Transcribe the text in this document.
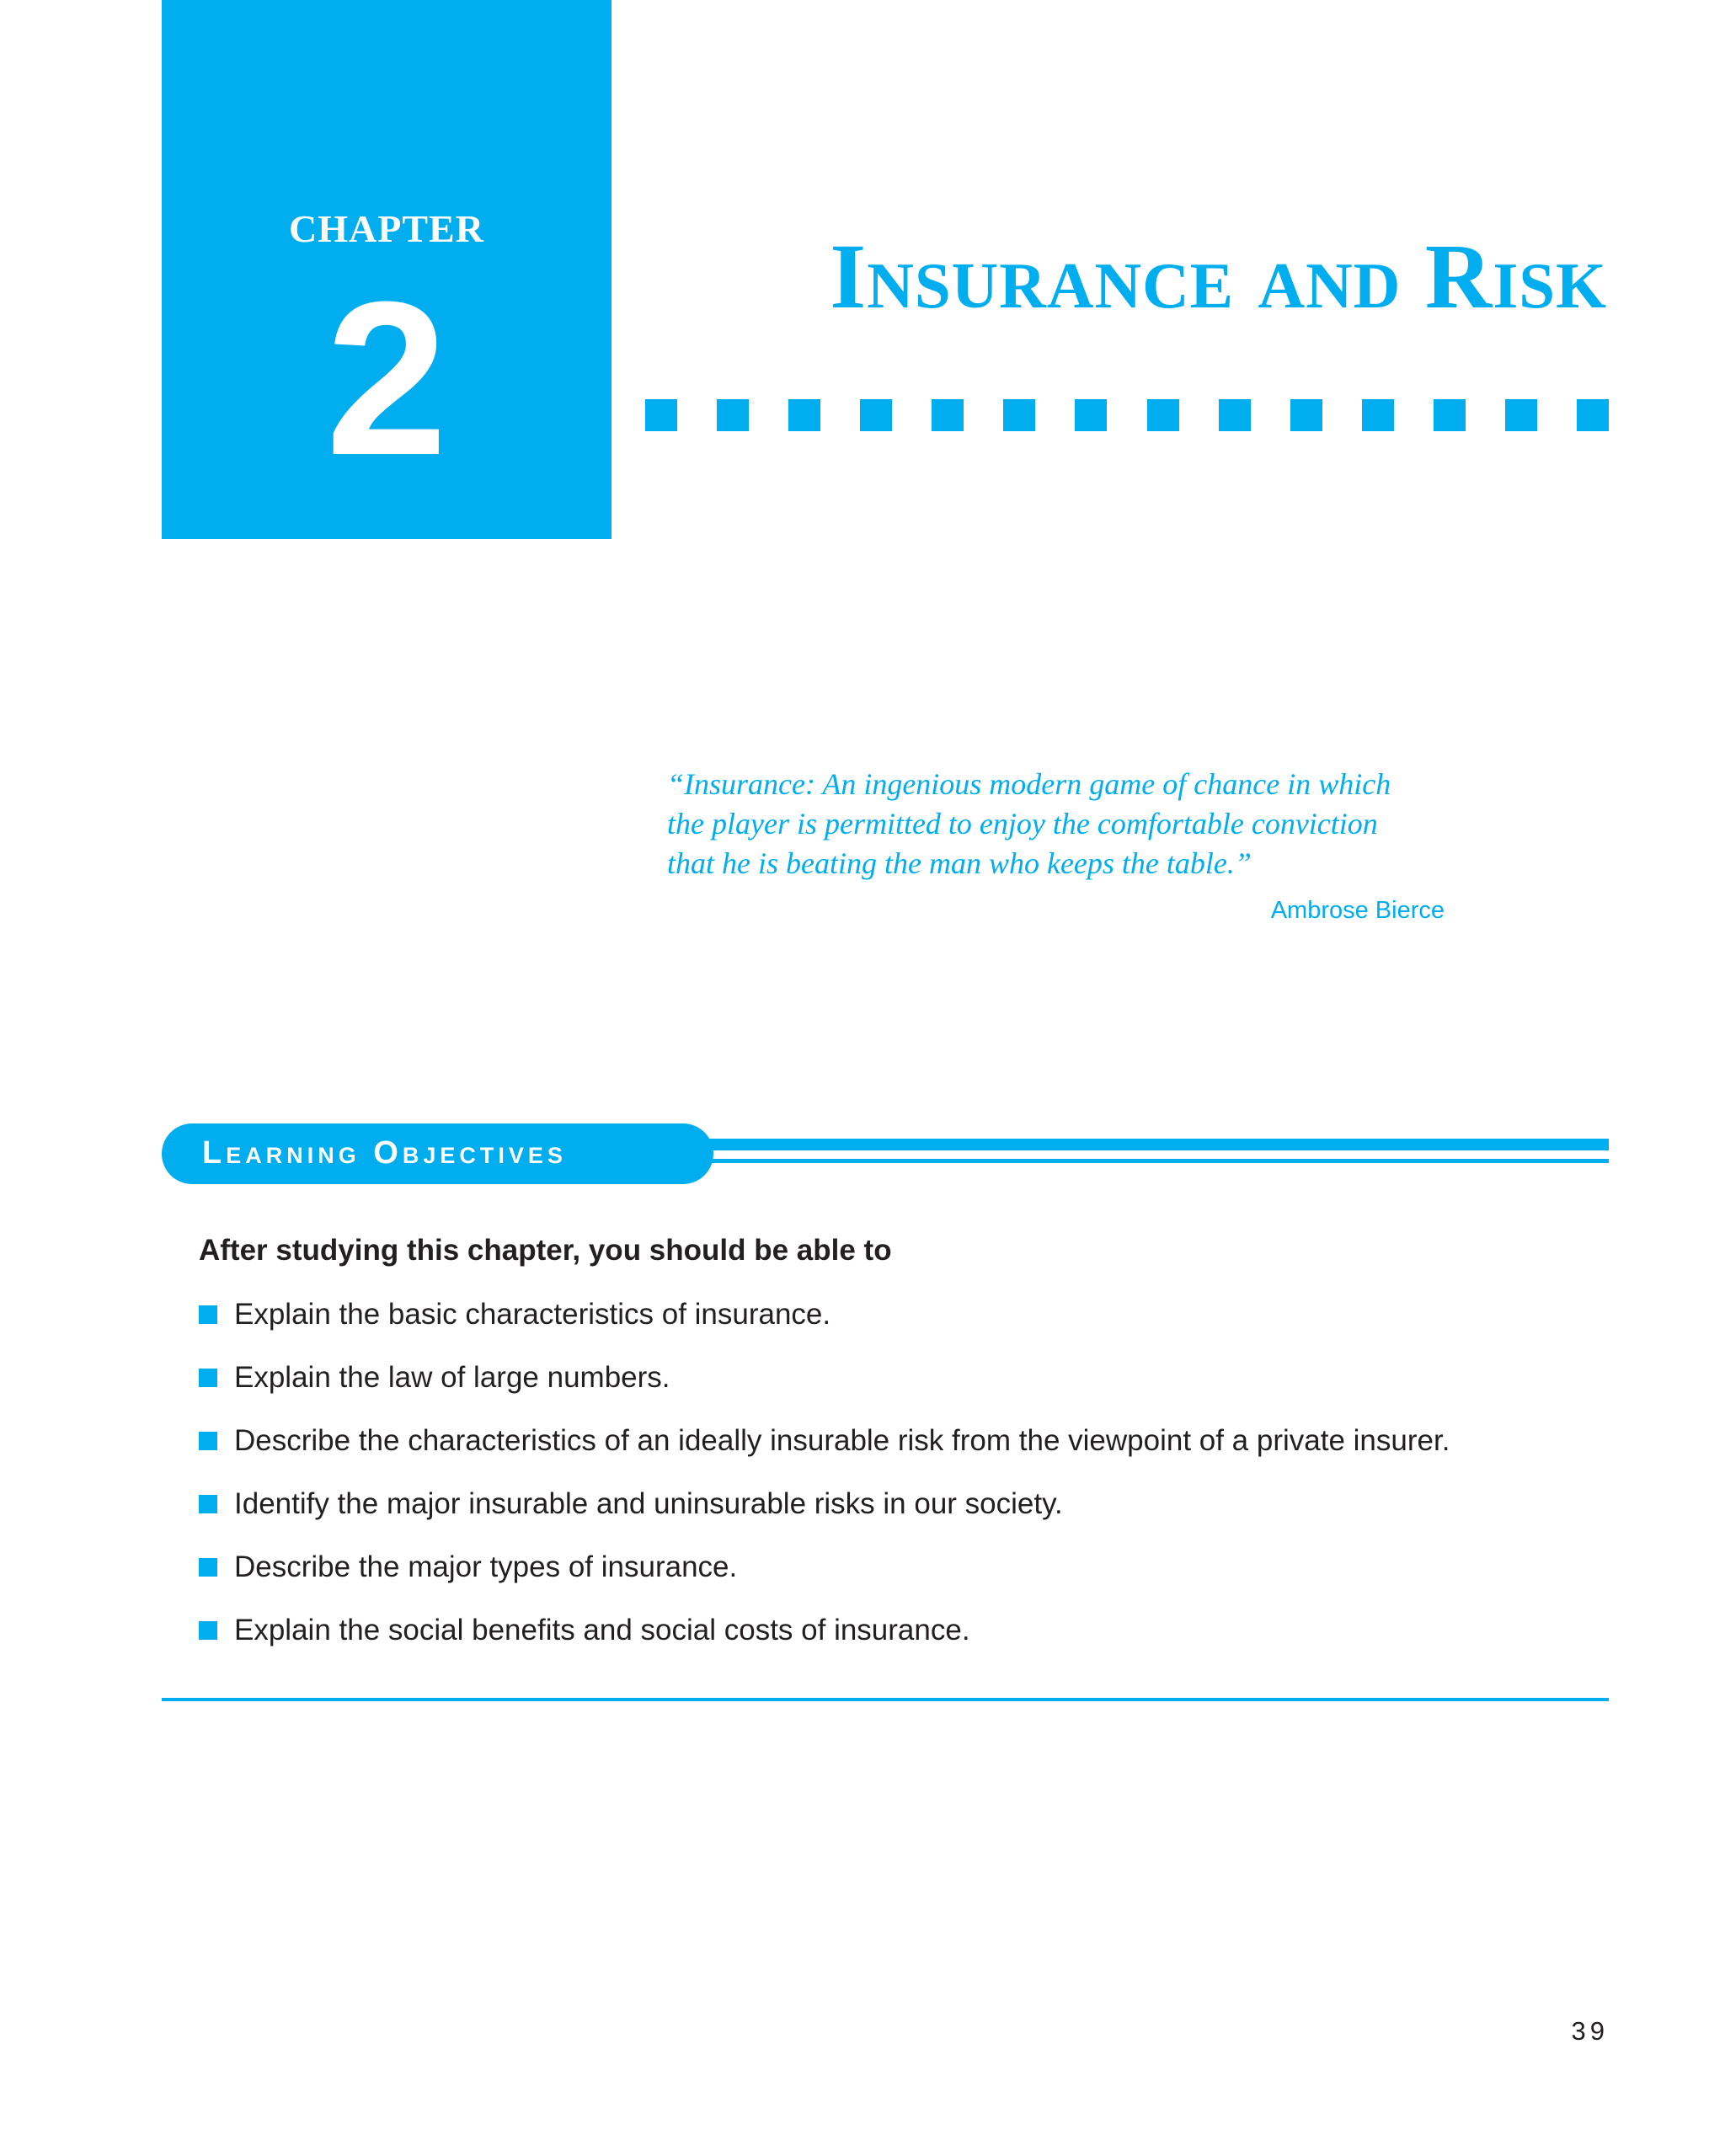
CHAPTER
2	Insurance and Risk
“Insurance: An ingenious modern game of chance in which
the player is permitted to enjoy the comfortable conviction
that he is beating the man who keeps the table.”
Ambrose Bierce
Learning Objectives
After studying this chapter, you should be able to
Explain the basic characteristics of insurance.
Explain the law of large numbers.
Describe the characteristics of an ideally insurable risk from the viewpoint of a private insurer.
Identify the major insurable and uninsurable risks in our society.
Describe the major types of insurance.
Explain the social benefits and social costs of insurance.
39
